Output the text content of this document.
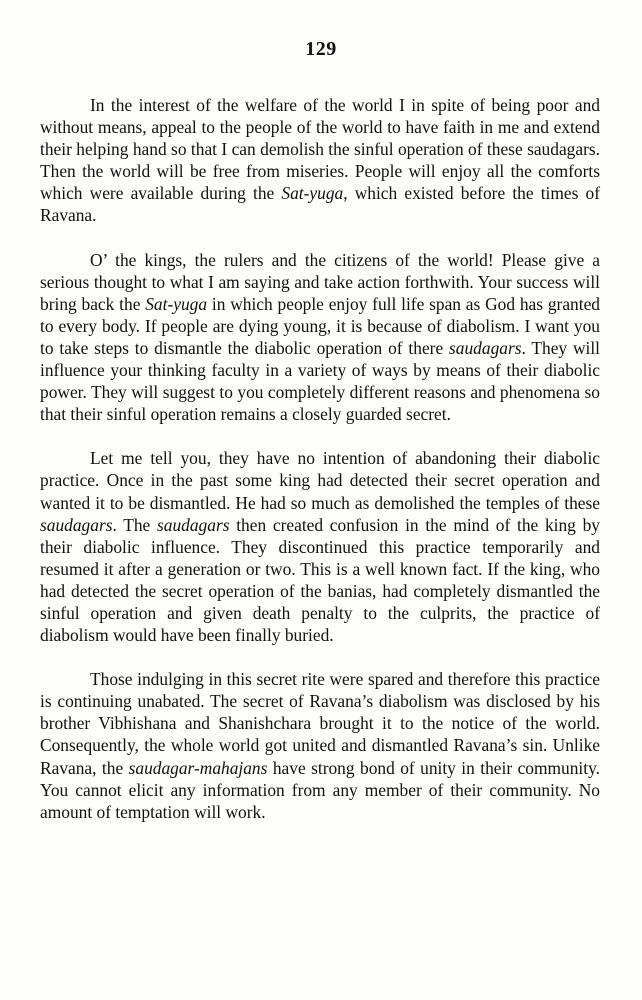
129

In the interest of the welfare of the world I in spite of being poor and without means, appeal to the people of the world to have faith in me and extend their helping hand so that I can demolish the sinful operation of these saudagars. Then the world will be free from miseries. People will enjoy all the comforts which were available during the Sat-yuga, which existed before the times of Ravana.

O’ the kings, the rulers and the citizens of the world! Please give a serious thought to what I am saying and take action forthwith. Your success will bring back the Sat-yuga in which people enjoy full life span as God has granted to every body. If people are dying young, it is because of diabolism. I want you to take steps to dismantle the diabolic operation of there saudagars. They will influence your thinking faculty in a variety of ways by means of their diabolic power. They will suggest to you completely different reasons and phenomena so that their sinful operation remains a closely guarded secret.

Let me tell you, they have no intention of abandoning their diabolic practice. Once in the past some king had detected their secret operation and wanted it to be dismantled. He had so much as demolished the temples of these saudagars. The saudagars then created confusion in the mind of the king by their diabolic influence. They discontinued this practice temporarily and resumed it after a generation or two. This is a well known fact. If the king, who had detected the secret operation of the banias, had completely dismantled the sinful operation and given death penalty to the culprits, the practice of diabolism would have been finally buried.

Those indulging in this secret rite were spared and therefore this practice is continuing unabated. The secret of Ravana’s diabolism was disclosed by his brother Vibhishana and Shanishchara brought it to the notice of the world. Consequently, the whole world got united and dismantled Ravana’s sin. Unlike Ravana, the saudagar-mahajans have strong bond of unity in their community. You cannot elicit any information from any member of their community. No amount of temptation will work.
